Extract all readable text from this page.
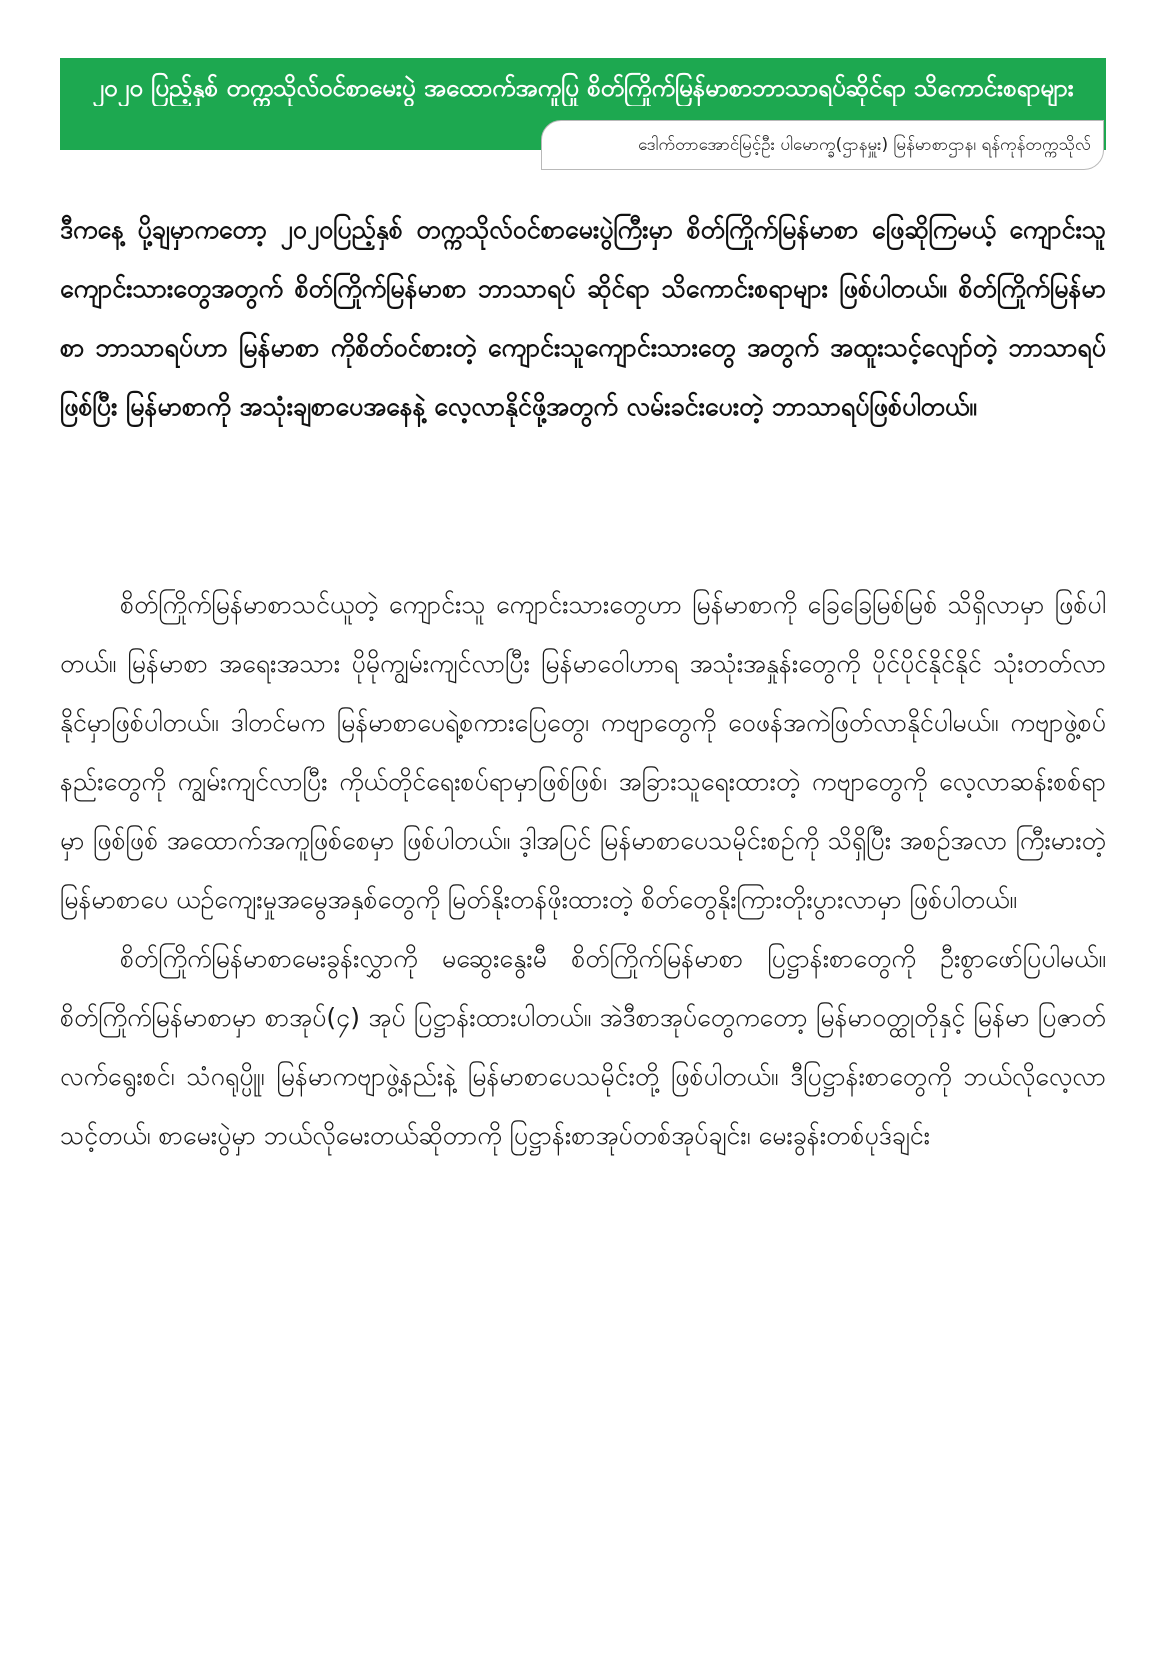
၂၀၂၀ ပြည့်နှစ် တက္ကသိုလ်ဝင်စာမေးပွဲ အထောက်အကူပြု စိတ်ကြိုက်မြန်မာစာဘာသာရပ်ဆိုင်ရာ သိကောင်းစရာများ
ဒေါက်တာအောင်မြင့်ဦး ပါမောက္ခ(ဌာနမှူး) မြန်မာစာဌာန၊ ရန်ကုန်တက္ကသိုလ်

ဒီကနေ့ ပို့ချမှာကတော့ ၂၀၂၀ပြည့်နှစ် တက္ကသိုလ်ဝင်စာမေးပွဲကြီးမှာ စိတ်ကြိုက်မြန်မာစာ ဖြေဆိုကြမယ့် ကျောင်းသူကျောင်းသားတွေအတွက် စိတ်ကြိုက်မြန်မာစာ ဘာသာရပ် ဆိုင်ရာ သိကောင်းစရာများ ဖြစ်ပါတယ်။ စိတ်ကြိုက်မြန်မာစာ ဘာသာရပ်ဟာ မြန်မာစာ ကိုစိတ်ဝင်စားတဲ့ ကျောင်းသူကျောင်းသားတွေ အတွက် အထူးသင့်လျော်တဲ့ ဘာသာရပ် ဖြစ်ပြီး မြန်မာစာကို အသုံးချစာပေအနေနဲ့ လေ့လာနိုင်ဖို့အတွက် လမ်းခင်းပေးတဲ့ ဘာသာရပ်ဖြစ်ပါတယ်။

စိတ်ကြိုက်မြန်မာစာသင်ယူတဲ့ ကျောင်းသူ ကျောင်းသားတွေဟာ မြန်မာစာကို ခြေခြေမြစ်မြစ် သိရှိလာမှာ ဖြစ်ပါတယ်။ မြန်မာစာ အရေးအသား ပိုမိုကျွမ်းကျင်လာပြီး မြန်မာဝေါဟာရ အသုံးအနှုန်းတွေကို ပိုင်ပိုင်နိုင်နိုင် သုံးတတ်လာနိုင်မှာဖြစ်ပါတယ်။ ဒါတင်မက မြန်မာစာပေရဲ့စကားပြေတွေ၊ ကဗျာတွေကို ဝေဖန်အကဲဖြတ်လာနိုင်ပါမယ်။ ကဗျာဖွဲ့စပ်နည်းတွေကို ကျွမ်းကျင်လာပြီး ကိုယ်တိုင်ရေးစပ်ရာမှာဖြစ်ဖြစ်၊ အခြားသူရေးထားတဲ့ ကဗျာတွေကို လေ့လာဆန်းစစ်ရာမှာ ဖြစ်ဖြစ် အထောက်အကူဖြစ်စေမှာ ဖြစ်ပါတယ်။ ဒ့ါအပြင် မြန်မာစာပေသမိုင်းစဉ်ကို သိရှိပြီး အစဉ်အလာ ကြီးမားတဲ့ မြန်မာစာပေ ယဉ်ကျေးမှုအမွေအနှစ်တွေကို မြတ်နိုးတန်ဖိုးထားတဲ့ စိတ်တွေနိုးကြားတိုးပွားလာမှာ ဖြစ်ပါတယ်။

စိတ်ကြိုက်မြန်မာစာမေးခွန်းလွှာကို မဆွေးနွေးမီ စိတ်ကြိုက်မြန်မာစာ ပြဋ္ဌာန်းစာတွေကို ဦးစွာဖော်ပြပါမယ်။ စိတ်ကြိုက်မြန်မာစာမှာ စာအုပ်(၄) အုပ် ပြဋ္ဌာန်းထားပါတယ်။ အဲဒီစာအုပ်တွေကတော့ မြန်မာဝတ္ထုတိုနှင့် မြန်မာ ပြဇာတ်လက်ရွေးစင်၊ သံဂရုပ္ပိုု၊ မြန်မာကဗျာဖွဲ့နည်းနဲ့ မြန်မာစာပေသမိုင်းတို့ ဖြစ်ပါတယ်။ ဒီပြဋ္ဌာန်းစာတွေကို ဘယ်လိုလေ့လာသင့်တယ်၊ စာမေးပွဲမှာ ဘယ်လိုမေးတယ်ဆိုတာကို ပြဋ္ဌာန်းစာအုပ်တစ်အုပ်ချင်း၊ မေးခွန်းတစ်ပုဒ်ချင်း
